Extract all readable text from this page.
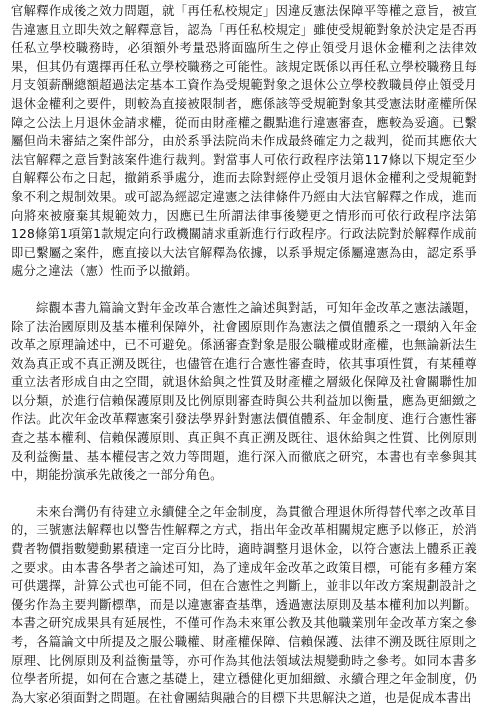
官解釋作成後之效力問題，就「再任私校規定」因違反憲法保障平等權之意旨，被宣告違憲且立即失效之解釋意旨，認為「再任私校規定」雖使受規範對象於決定是否再任私立學校職務時，必須額外考量恐將面臨所生之停止領受月退休金權利之法律效果，但其仍有選擇再任私立學校職務之可能性。該規定既係以再任私立學校職務且每月支領薪酬總額超過法定基本工資作為受規範對象之退休公立學校教職員停止領受月退休金權利之要件，則較為直接被限制者，應係該等受規範對象其受憲法財產權所保障之公法上月退休金請求權，從而由財產權之觀點進行違憲審查，應較為妥適。已繫屬但尚未審結之案件部分，由於系爭法院尚未作成最終確定力之裁判，從而其應依大法官解釋之意旨對該案件進行裁判。對當事人可依行政程序法第117條以下規定至少自解釋公布之日起，撤銷系爭處分，進而去除對經停止受領月退休金權利之受規範對象不利之規制效果。或可認為經認定違憲之法律條件乃經由大法官解釋之作成，進而向將來被廢棄其規範效力，因應已生所謂法律事後變更之情形而可依行政程序法第128條第1項第1款規定向行政機關請求重新進行行政程序。行政法院對於解釋作成前即已繫屬之案件，應直接以大法官解釋為依據，以系爭規定係屬違憲為由，認定系爭處分之違法（憲）性而予以撤銷。

綜觀本書九篇論文對年金改革合憲性之論述與對話，可知年金改革之憲法議題，除了法治國原則及基本權利保障外，社會國原則作為憲法之價值體系之一環納入年金改革之原理論述中，已不可避免。係涵審查對象是服公職權或財產權，也無論新法生效為真正或不真正溯及既往，也儘管在進行合憲性審查時，依其事項性質，有某種尊重立法者形成自由之空間，就退休給與之性質及財產權之層級化保障及社會關聯性加以分類，於進行信賴保護原則及比例原則審查時與公共利益加以衡量，應為更細緻之作法。此次年金改革釋憲案引發法學界針對憲法價值體系、年金制度、進行合憲性審查之基本權利、信賴保護原則、真正與不真正溯及既往、退休給與之性質、比例原則及利益衡量、基本權侵害之效力等問題，進行深入而徹底之研究，本書也有幸參與其中，期能扮演承先啟後之一部分角色。

未來台灣仍有待建立永續健全之年金制度，為貫徹合理退休所得替代率之改革目的，三號憲法解釋也以警告性解釋之方式，指出年金改革相關規定應予以修正，於消費者物價指數變動累積達一定百分比時，適時調整月退休金，以符合憲法上體系正義之要求。由本書各學者之論述可知，為了達成年金改革之政策目標，可能有多種方案可供選擇，計算公式也可能不同，但在合憲性之判斷上，並非以年改方案規劃設計之優劣作為主要判斷標準，而是以違憲審查基準，透過憲法原則及基本權利加以判斷。本書之研究成果具有延展性，不僅可作為未來軍公教及其他職業別年金改革方案之參考，各篇論文中所提及之服公職權、財產權保障、信賴保護、法律不溯及既往原則之原理、比例原則及利益衡量等，亦可作為其他法領域法規變動時之參考。如同本書多位學者所提，如何在合憲之基礎上，建立穩健化更加細緻、永續合理之年金制度，仍為大家必須面對之問題。在社會團結與融合的目標下共思解決之道，也是促成本書出
